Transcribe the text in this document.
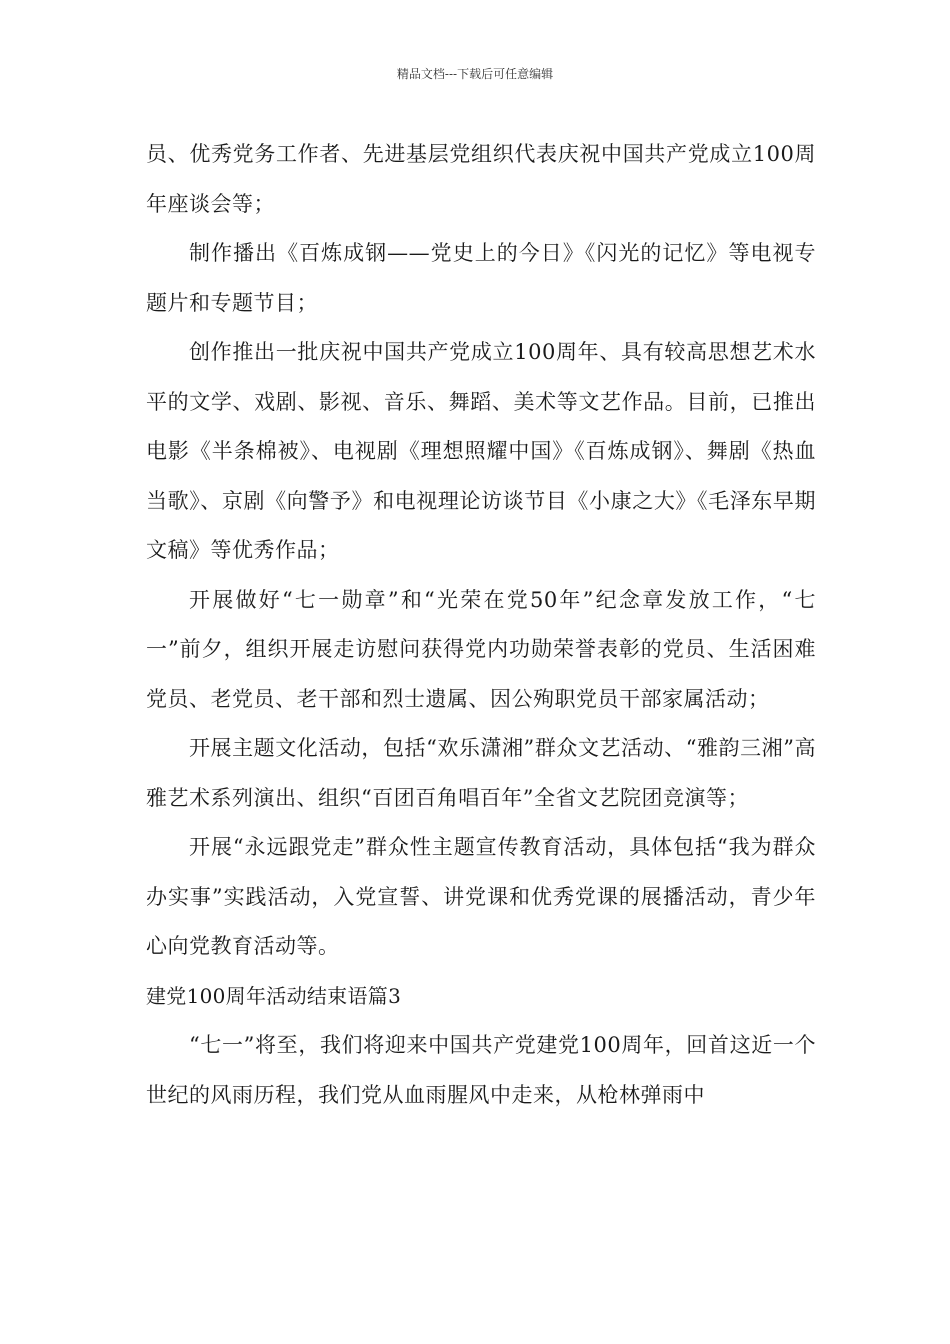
精品文档---下载后可任意编辑

员、优秀党务工作者、先进基层党组织代表庆祝中国共产党成立100周年座谈会等；

制作播出《百炼成钢——党史上的今日》《闪光的记忆》等电视专题片和专题节目；

创作推出一批庆祝中国共产党成立100周年、具有较高思想艺术水平的文学、戏剧、影视、音乐、舞蹈、美术等文艺作品。目前，已推出电影《半条棉被》、电视剧《理想照耀中国》《百炼成钢》、舞剧《热血当歌》、京剧《向警予》和电视理论访谈节目《小康之大》《毛泽东早期文稿》等优秀作品；

开展做好“七一勋章”和“光荣在党50年”纪念章发放工作，“七一”前夕，组织开展走访慰问获得党内功勋荣誉表彰的党员、生活困难党员、老党员、老干部和烈士遗属、因公殉职党员干部家属活动；

开展主题文化活动，包括“欢乐潇湘”群众文艺活动、“雅韵三湘”高雅艺术系列演出、组织“百团百角唱百年”全省文艺院团竞演等；

开展“永远跟党走”群众性主题宣传教育活动，具体包括“我为群众办实事”实践活动，入党宣誓、讲党课和优秀党课的展播活动，青少年心向党教育活动等。

建党100周年活动结束语篇3

“七一”将至，我们将迎来中国共产党建党100周年，回首这近一个世纪的风雨历程，我们党从血雨腥风中走来，从枪林弹雨中
